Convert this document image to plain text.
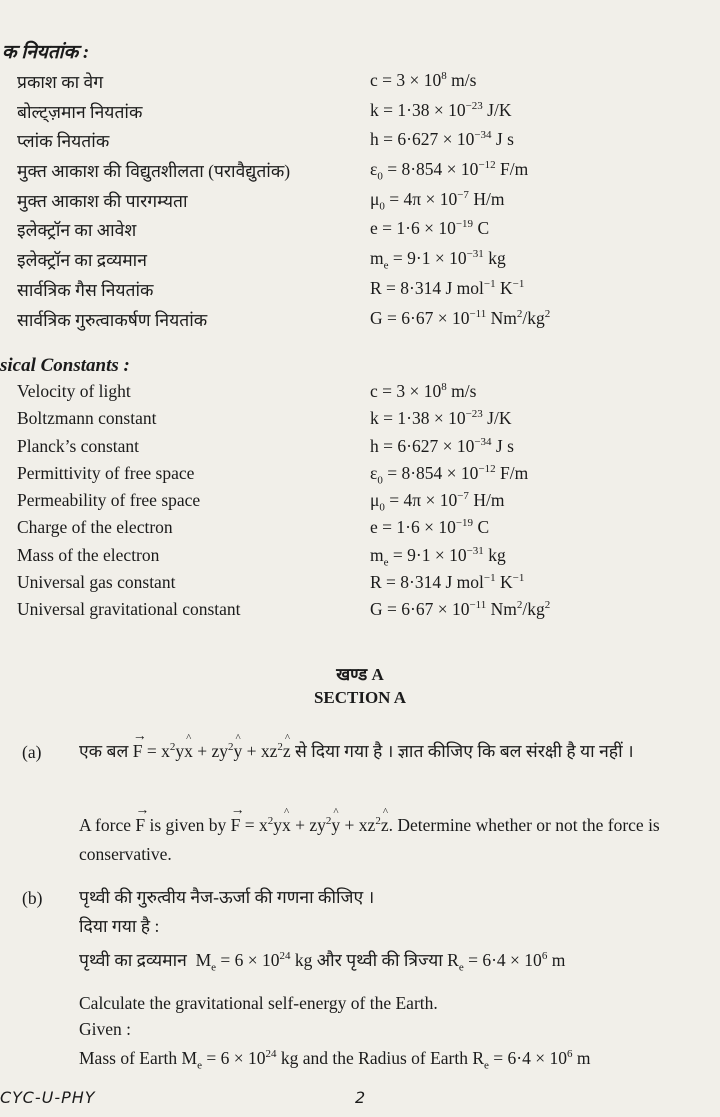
क नियतांक :
प्रकाश का वेग	$c = 3 \times 10^8$ m/s
बोल्ट्ज़मान नियतांक	$k = 1\cdot 38 \times 10^{-23}$ J/K
प्लांक नियतांक	$h = 6\cdot 627 \times 10^{-34}$ J s
मुक्त आकाश की विद्युतशीलता (परावैद्युतांक)	$\varepsilon_0 = 8\cdot 854 \times 10^{-12}$ F/m
मुक्त आकाश की पारगम्यता	$\mu_0 = 4\pi \times 10^{-7}$ H/m
इलेक्ट्रॉन का आवेश	$e = 1\cdot 6 \times 10^{-19}$ C
इलेक्ट्रॉन का द्रव्यमान	$m_e = 9\cdot 1 \times 10^{-31}$ kg
सार्वत्रिक गैस नियतांक	R = 8·314 J mol$^{-1}$ $K^{-1}$
सार्वत्रिक गुरुत्वाकर्षण नियतांक	$G = 6\cdot 67 \times 10^{-11}$ $Nm^2/kg^2$
sical Constants :
Velocity of light	$c = 3 \times 10^8$ m/s
Boltzmann constant	$k = 1\cdot 38 \times 10^{-23}$ J/K
Planck’s constant	$h = 6\cdot 627 \times 10^{-34}$ J s
Permittivity of free space	$\varepsilon_0 = 8\cdot 854 \times 10^{-12}$ F/m
Permeability of free space	$\mu_0 = 4\pi \times 10^{-7}$ H/m
Charge of the electron	$e = 1\cdot 6 \times 10^{-19}$ C
Mass of the electron	$m_e = 9\cdot 1 \times 10^{-31}$ kg
Universal gas constant	R = 8·314 J mol$^{-1}$ $K^{-1}$
Universal gravitational constant	$G = 6\cdot 67 \times 10^{-11}$ $Nm^2/kg^2$
खण्ड A
SECTION A
(a) एक बल → $F = x^2y\^{}$ $x + zy^2\^{}$ $y + xz^2\^{}$ z से दिया गया है । ज्ञात कीजिए कि बल संरक्षी है या नहीं ।
A force → F is given by → $F = x^2y\^{}$ $x + zy^2\^{}$ $y + xz^2\^{}$ z. Determine whether or not the force is conservative.
(b) पृथ्वी की गुरुत्वीय नैज-ऊर्जा की गणना कीजिए ।
दिया गया है :
पृथ्वी का द्रव्यमान  $M_e = 6 \times 10^{24}$ kg और पृथ्वी की त्रिज्या $R_e = 6\cdot 4 \times 10^6$ m
Calculate the gravitational self-energy of the Earth.
Given :
Mass of Earth $M_e = 6 \times 10^{24}$ kg and the Radius of Earth $R_e = 6\cdot 4 \times 10^6$ m
CYC-U-PHY	2
